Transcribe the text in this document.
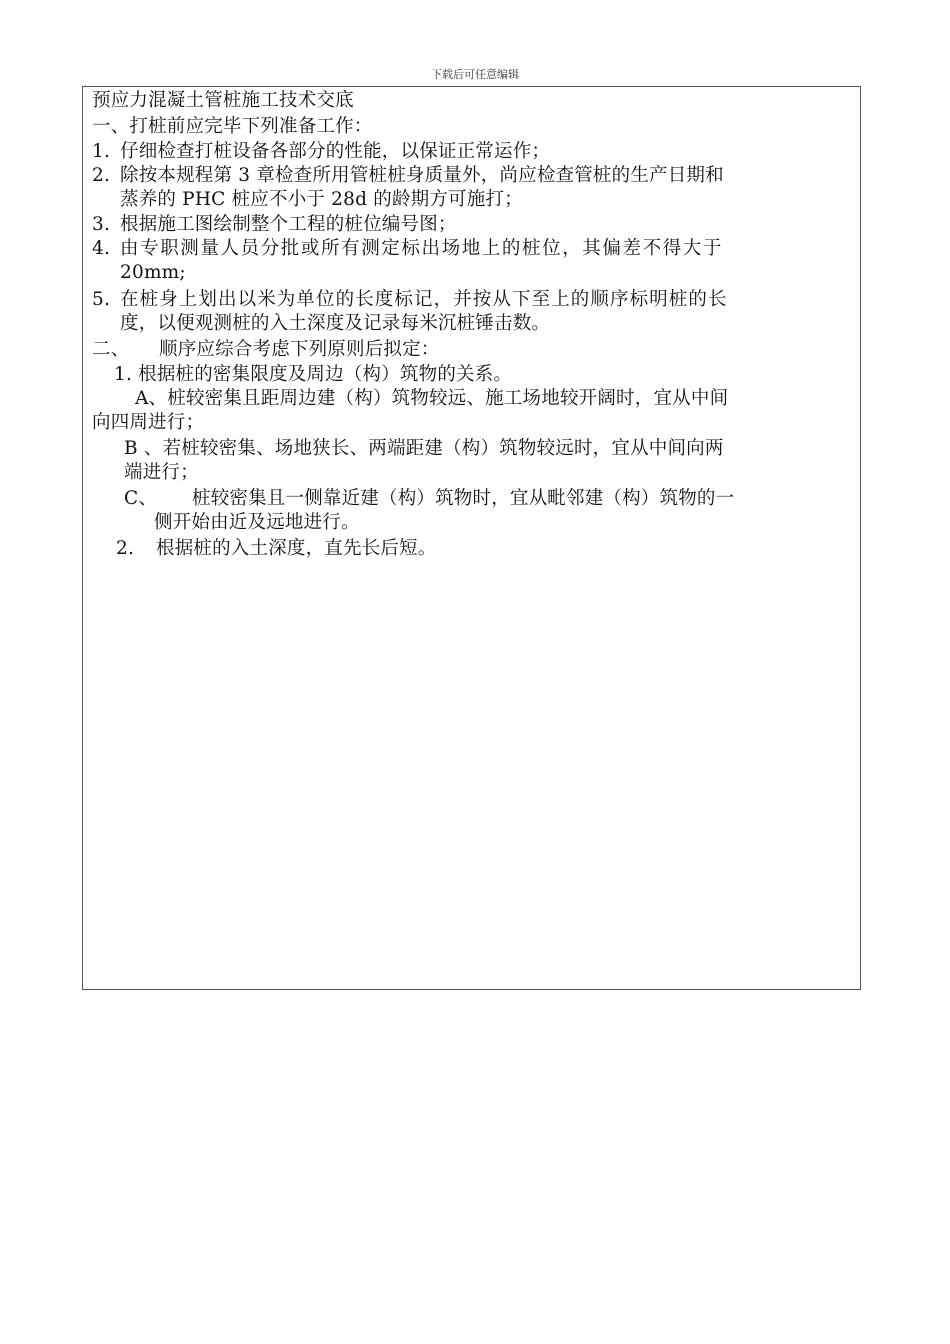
下载后可任意编辑
预应力混凝土管桩施工技术交底
一、打桩前应完毕下列准备工作：
1. 仔细检查打桩设备各部分的性能，以保证正常运作；
2. 除按本规程第 3 章检查所用管桩桩身质量外，尚应检查管桩的生产日期和
蒸养的 PHC 桩应不小于 28d 的龄期方可施打；
3. 根据施工图绘制整个工程的桩位编号图；
4. 由专职测量人员分批或所有测定标出场地上的桩位，其偏差不得大于
20mm;
5. 在桩身上划出以米为单位的长度标记，并按从下至上的顺序标明桩的长
度，以便观测桩的入土深度及记录每米沉桩锤击数。
二、 顺序应综合考虑下列原则后拟定：
1. 根据桩的密集限度及周边（构）筑物的关系。
A、桩较密集且距周边建（构）筑物较远、施工场地较开阔时，宜从中间
向四周进行；
B 、若桩较密集、场地狭长、两端距建（构）筑物较远时，宜从中间向两
端进行；
C、 桩较密集且一侧靠近建（构）筑物时，宜从毗邻建（构）筑物的一
侧开始由近及远地进行。
2. 根据桩的入土深度，直先长后短。
